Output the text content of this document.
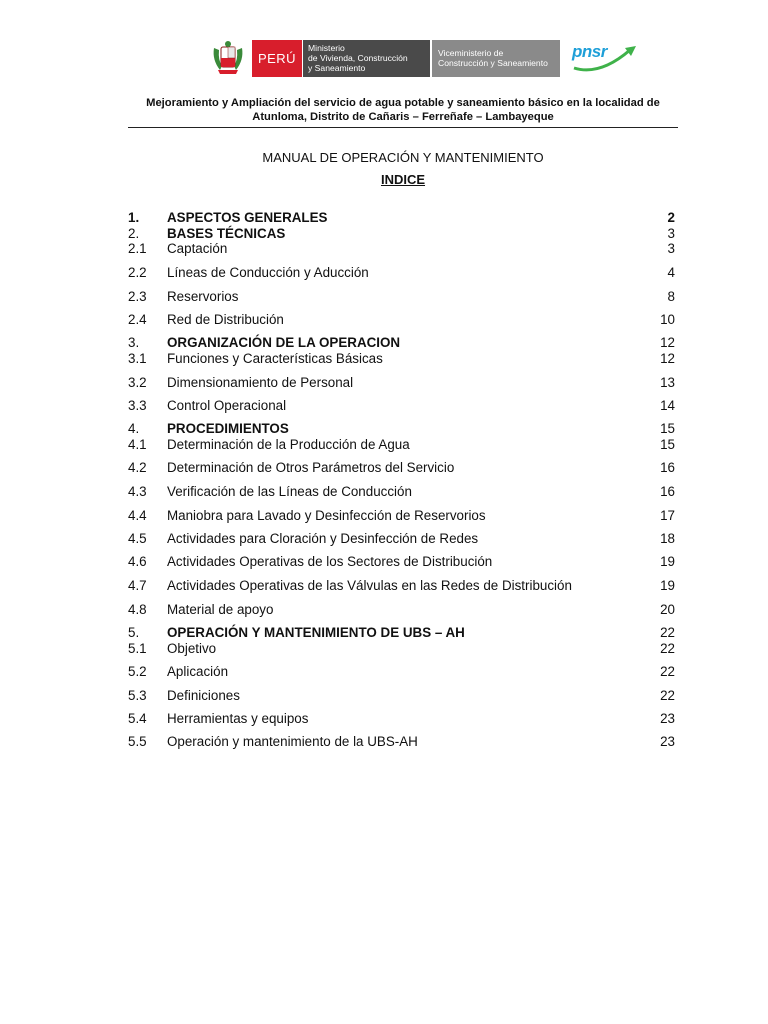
PERÚ
Ministerio
de Vivienda, Construcción
y Saneamiento
Viceministerio de
Construcción y Saneamiento
pnsr
Mejoramiento y Ampliación del servicio de agua potable y saneamiento básico en la localidad de
Atunloma, Distrito de Cañaris – Ferreñafe – Lambayeque
MANUAL DE OPERACIÓN Y MANTENIMIENTO
INDICE
1. ASPECTOS GENERALES	2
2. BASES TÉCNICAS	3
2.1 Captación	3
2.2 Líneas de Conducción y Aducción	4
2.3 Reservorios	8
2.4 Red de Distribución	10
3. ORGANIZACIÓN DE LA OPERACION	12
3.1 Funciones y Características Básicas	12
3.2 Dimensionamiento de Personal	13
3.3 Control Operacional	14
4. PROCEDIMIENTOS	15
4.1 Determinación de la Producción de Agua	15
4.2 Determinación de Otros Parámetros del Servicio	16
4.3 Verificación de las Líneas de Conducción	16
4.4 Maniobra para Lavado y Desinfección de Reservorios	17
4.5 Actividades para Cloración y Desinfección de Redes	18
4.6 Actividades Operativas de los Sectores de Distribución	19
4.7 Actividades Operativas de las Válvulas en las Redes de Distribución	19
4.8 Material de apoyo	20
5. OPERACIÓN Y MANTENIMIENTO DE UBS – AH	22
5.1 Objetivo	22
5.2 Aplicación	22
5.3 Definiciones	22
5.4 Herramientas y equipos	23
5.5 Operación y mantenimiento de la UBS-AH	23
